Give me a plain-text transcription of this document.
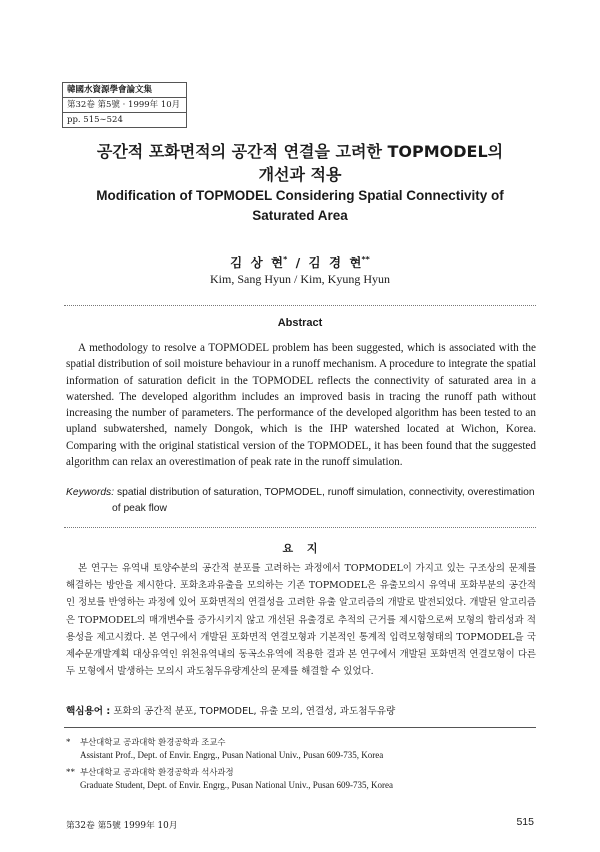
韓國水資源學會論文集
第32卷 第5號 · 1999年 10月
pp. 515∼524
공간적 포화면적의 공간적 연결을 고려한 TOPMODEL의
개선과 적용
Modification of TOPMODEL Considering Spatial Connectivity of
Saturated Area
김 상 현* / 김 경 현**
Kim, Sang Hyun / Kim, Kyung Hyun
Abstract

A methodology to resolve a TOPMODEL problem has been suggested, which is associated with the spatial distribution of soil moisture behaviour in a runoff mechanism. A procedure to integrate the spatial information of saturation deficit in the TOPMODEL reflects the connectivity of saturated area in a watershed. The developed algorithm includes an improved basis in tracing the runoff path without increasing the number of parameters. The performance of the developed algorithm has been tested to an upland subwatershed, namely Dongok, which is the IHP watershed located at Wichon, Korea. Comparing with the original statistical version of the TOPMODEL, it has been found that the suggested algorithm can relax an overestimation of peak rate in the runoff simulation.

Keywords: spatial distribution of saturation, TOPMODEL, runoff simulation, connectivity, overestimation of peak flow
요 지

본 연구는 유역내 토양수분의 공간적 분포를 고려하는 과정에서 TOPMODEL이 가지고 있는 구조상의 문제를 해결하는 방안을 제시한다. 포화초과유출을 모의하는 기존 TOPMODEL은 유출모의시 유역내 포화부분의 공간적인 정보를 반영하는 과정에 있어 포화면적의 연결성을 고려한 유출 알고리즘의 개발로 발전되었다. 개발된 알고리즘은 TOPMODEL의 매개변수를 증가시키지 않고 개선된 유출경로 추적의 근거를 제시함으로써 모형의 합리성과 적용성을 제고시켰다. 본 연구에서 개발된 포화면적 연결모형과 기본적인 통계적 입력모형형태의 TOPMODEL을 국제수문개발계획 대상유역인 위천유역내의 동곡소유역에 적용한 결과 본 연구에서 개발된 포화면적 연결모형이 다른 두 모형에서 발생하는 모의시 과도첨두유량계산의 문제를 해결할 수 있었다.

핵심용어 : 포화의 공간적 분포, TOPMODEL, 유출 모의, 연결성, 과도첨두유량
* 부산대학교 공과대학 환경공학과 조교수
Assistant Prof., Dept. of Envir. Engrg., Pusan National Univ., Pusan 609-735, Korea
** 부산대학교 공과대학 환경공학과 석사과정
Graduate Student, Dept. of Envir. Engrg., Pusan National Univ., Pusan 609-735, Korea
第32卷 第5號 1999年 10月	515
